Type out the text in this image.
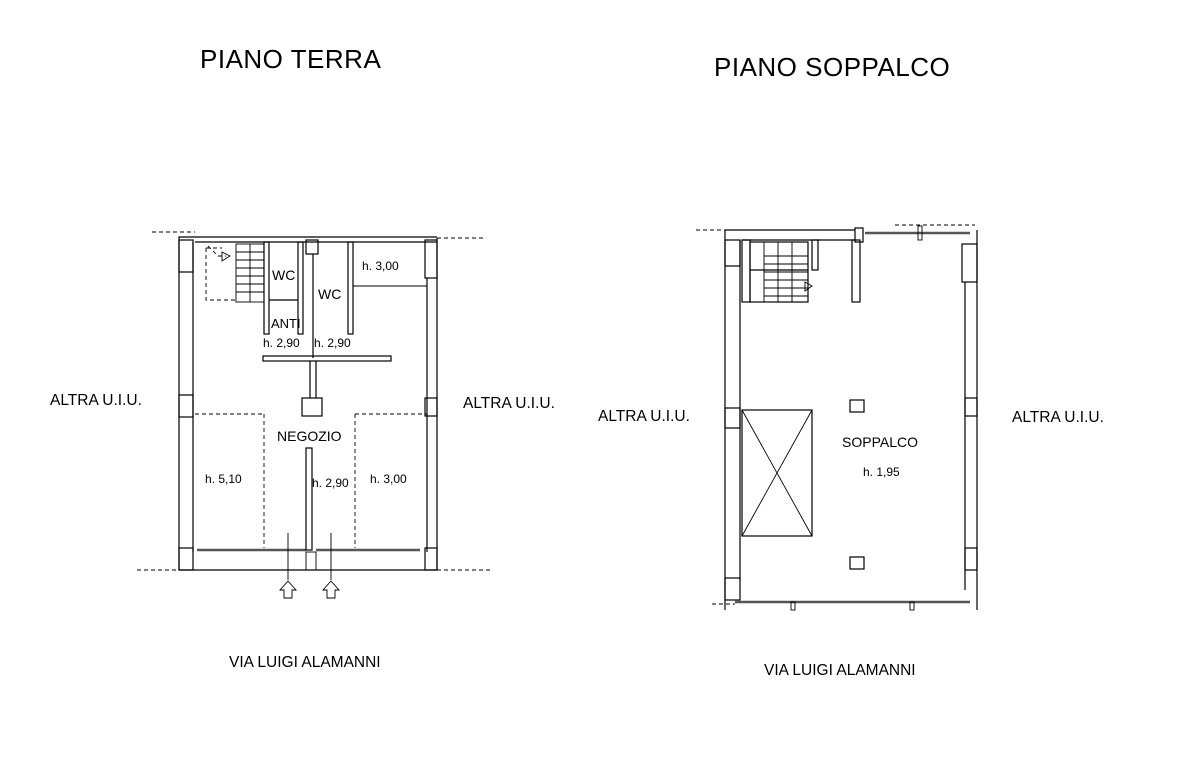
PIANO TERRA	PIANO SOPPALCO
ALTRA U.I.U.	ALTRA U.I.U.
ALTRA U.I.U.	ALTRA U.I.U.
VIA LUIGI ALAMANNI	VIA LUIGI ALAMANNI
WC
WC
ANTI
NEGOZIO
h. 3,00
h. 2,90 h. 2,90
h. 5,10	h. 2,90 h. 3,00
SOPPALCO
h. 1,95
